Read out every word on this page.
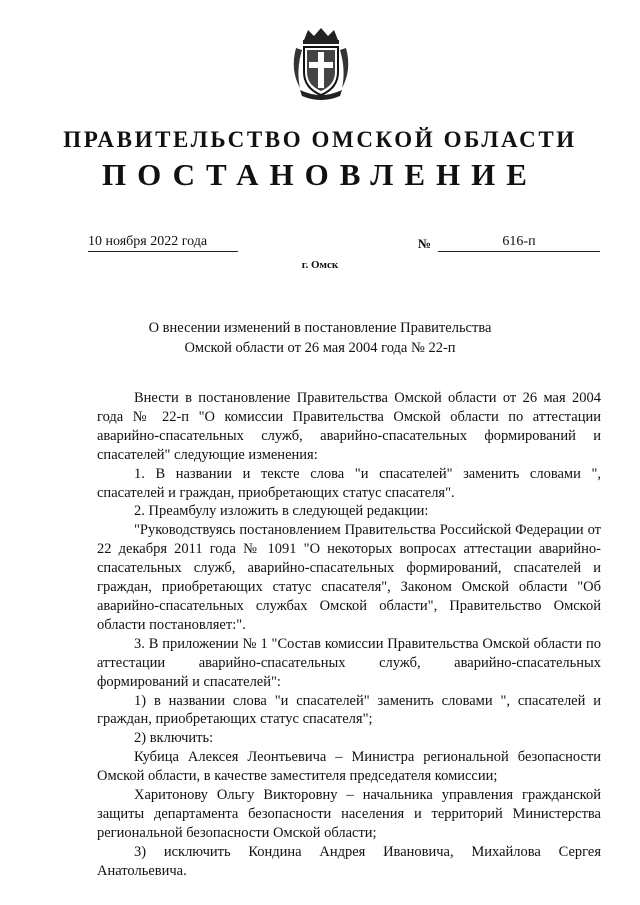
ПРАВИТЕЛЬСТВО ОМСКОЙ ОБЛАСТИ
ПОСТАНОВЛЕНИЕ
10 ноября 2022 года	№	616-п
г. Омск
О внесении изменений в постановление Правительства
Омской области от 26 мая 2004 года № 22-п

Внести в постановление Правительства Омской области от 26 мая 2004 года № 22-п "О комиссии Правительства Омской области по аттестации аварийно-спасательных служб, аварийно-спасательных формирований и спасателей" следующие изменения:

1. В названии и тексте слова "и спасателей" заменить словами ", спасателей и граждан, приобретающих статус спасателя".

2. Преамбулу изложить в следующей редакции:

"Руководствуясь постановлением Правительства Российской Федерации от 22 декабря 2011 года № 1091 "О некоторых вопросах аттестации аварийно-спасательных служб, аварийно-спасательных формирований, спасателей и граждан, приобретающих статус спасателя", Законом Омской области "Об аварийно-спасательных службах Омской области", Правительство Омской области постановляет:".

3. В приложении № 1 "Состав комиссии Правительства Омской области по аттестации аварийно-спасательных служб, аварийно-спасательных формирований и спасателей":

1) в названии слова "и спасателей" заменить словами ", спасателей и граждан, приобретающих статус спасателя";

2) включить:

Кубица Алексея Леонтьевича – Министра региональной безопасности Омской области, в качестве заместителя председателя комиссии;

Харитонову Ольгу Викторовну – начальника управления гражданской защиты департамента безопасности населения и территорий Министерства региональной безопасности Омской области;

3) исключить Кондина Андрея Ивановича, Михайлова Сергея Анатольевича.
